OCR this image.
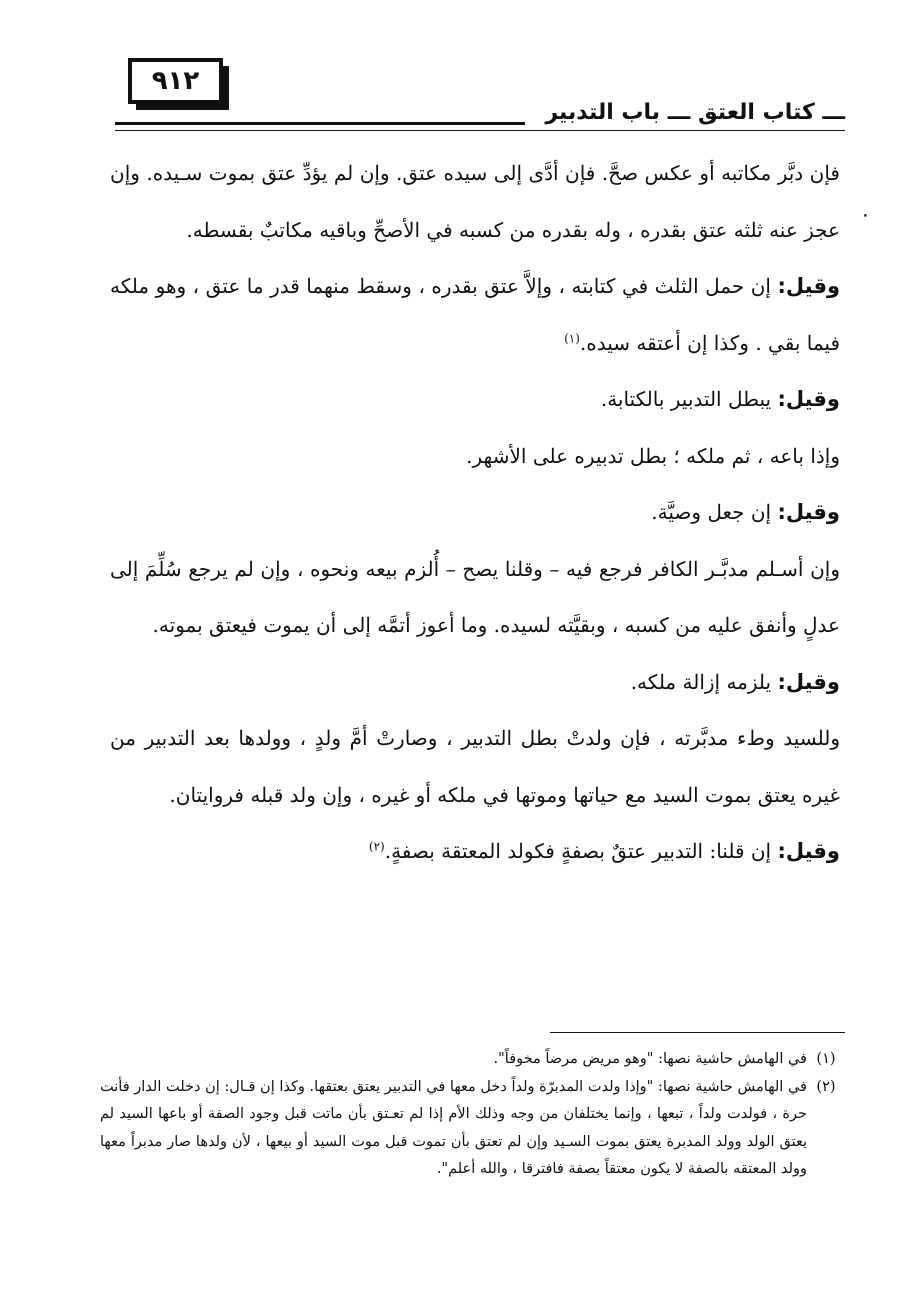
٩١٢
ـــ كتاب العتق ـــ باب التدبير
٠

فإن دبَّر مكاتبه أو عكس صحَّ. فإن أدَّى إلى سيده عتق. وإن لم يؤدِّ عتق بموت سـيده. وإن عجز عنه ثلثه عتق بقدره ، وله بقدره من كسبه في الأصحِّ وباقيه مكاتبٌ بقسطه.

وقيل: إن حمل الثلث في كتابته ، وإلاَّ عتق بقدره ، وسقط منهما قدر ما عتق ، وهو ملكه فيما بقي . وكذا إن أعتقه سيده.$^{(١)}$

وقيل: يبطل التدبير بالكتابة.

وإذا باعه ، ثم ملكه ؛ بطل تدبيره على الأشهر.

وقيل: إن جعل وصيَّة.

وإن أسـلم مدبَّـر الكافر فرجع فيه – وقلنا يصح – أُلزم بيعه ونحوه ، وإن لم يرجع سُلِّمَ إلى عدلٍ وأنفق عليه من كسبه ، وبقيَّته لسيده. وما أعوز أتمَّه إلى أن يموت فيعتق بموته.

وقيل: يلزمه إزالة ملكه.

وللسيد وطء مدبَّرته ، فإن ولدتْ بطل التدبير ، وصارتْ أمَّ ولدٍ ، وولدها بعد التدبير من غيره يعتق بموت السيد مع حياتها وموتها في ملكه أو غيره ، وإن ولد قبله فروايتان.

وقيل: إن قلنا: التدبير عتقٌ بصفةٍ فكولد المعتقة بصفةٍ.$^{(٢)}$

(١)
في الهامش حاشية نصها: "وهو مريض مرضاً مخوفاً".
(٢)
في الهامش حاشية نصها: "وإذا ولدت المدبرّة ولداً دخل معها في التدبير يعتق بعتقها. وكذا إن قـال: إن دخلت الدار فأنت حرة ، فولدت ولداً ، تبعها ، وإنما يختلفان من وجه وذلك الأم إذا لم تعـتق بأن ماتت قبل وجود الصفة أو باعها السيد لم يعتق الولد وولد المدبرة يعتق بموت السـيد وإن لم تعتق بأن تموت قبل موت السيد أو بيعها ، لأن ولدها صار مدبراً معها وولد المعتقه بالصفة لا يكون معتقاً بصفة فافترقا ، والله أعلم".
